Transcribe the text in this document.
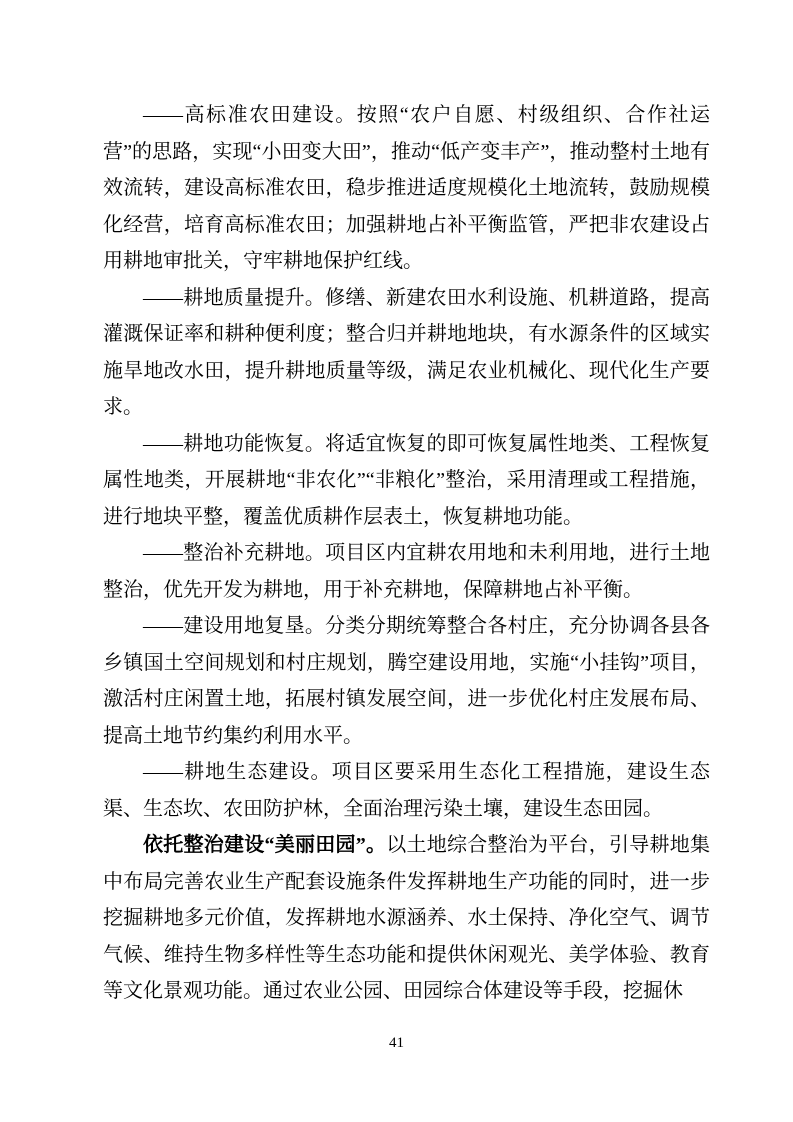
——高标准农田建设。按照“农户自愿、村级组织、合作社运营”的思路，实现“小田变大田”，推动“低产变丰产”，推动整村土地有效流转，建设高标准农田，稳步推进适度规模化土地流转，鼓励规模化经营，培育高标准农田；加强耕地占补平衡监管，严把非农建设占用耕地审批关，守牢耕地保护红线。

——耕地质量提升。修缮、新建农田水利设施、机耕道路，提高灌溉保证率和耕种便利度；整合归并耕地地块，有水源条件的区域实施旱地改水田，提升耕地质量等级，满足农业机械化、现代化生产要求。

——耕地功能恢复。将适宜恢复的即可恢复属性地类、工程恢复属性地类，开展耕地“非农化”“非粮化”整治，采用清理或工程措施，进行地块平整，覆盖优质耕作层表土，恢复耕地功能。

——整治补充耕地。项目区内宜耕农用地和未利用地，进行土地整治，优先开发为耕地，用于补充耕地，保障耕地占补平衡。

——建设用地复垦。分类分期统筹整合各村庄，充分协调各县各乡镇国土空间规划和村庄规划，腾空建设用地，实施“小挂钩”项目，激活村庄闲置土地，拓展村镇发展空间，进一步优化村庄发展布局、提高土地节约集约利用水平。

——耕地生态建设。项目区要采用生态化工程措施，建设生态渠、生态坎、农田防护林，全面治理污染土壤，建设生态田园。

依托整治建设“美丽田园”。以土地综合整治为平台，引导耕地集中布局完善农业生产配套设施条件发挥耕地生产功能的同时，进一步挖掘耕地多元价值，发挥耕地水源涵养、水土保持、净化空气、调节气候、维持生物多样性等生态功能和提供休闲观光、美学体验、教育等文化景观功能。通过农业公园、田园综合体建设等手段，挖掘休

41
